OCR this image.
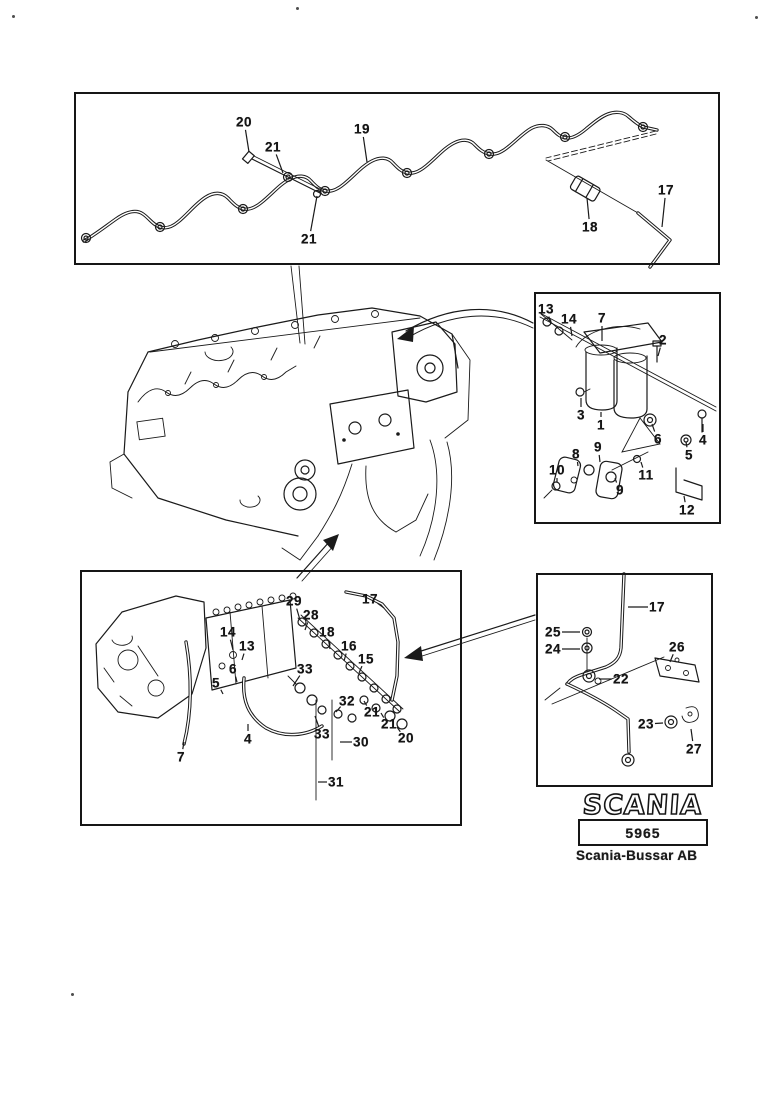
SCANIA
20
21
19
21
18
17
13
14 7
2
3
1
6
5
4
8 9
10
9
11
12
29
28
18
16
15
17
14
13
6
5
33
32
21
21
20
33
30
31
4
7
17
25
24
22
26
23
27
5965
Scania-Bussar AB
